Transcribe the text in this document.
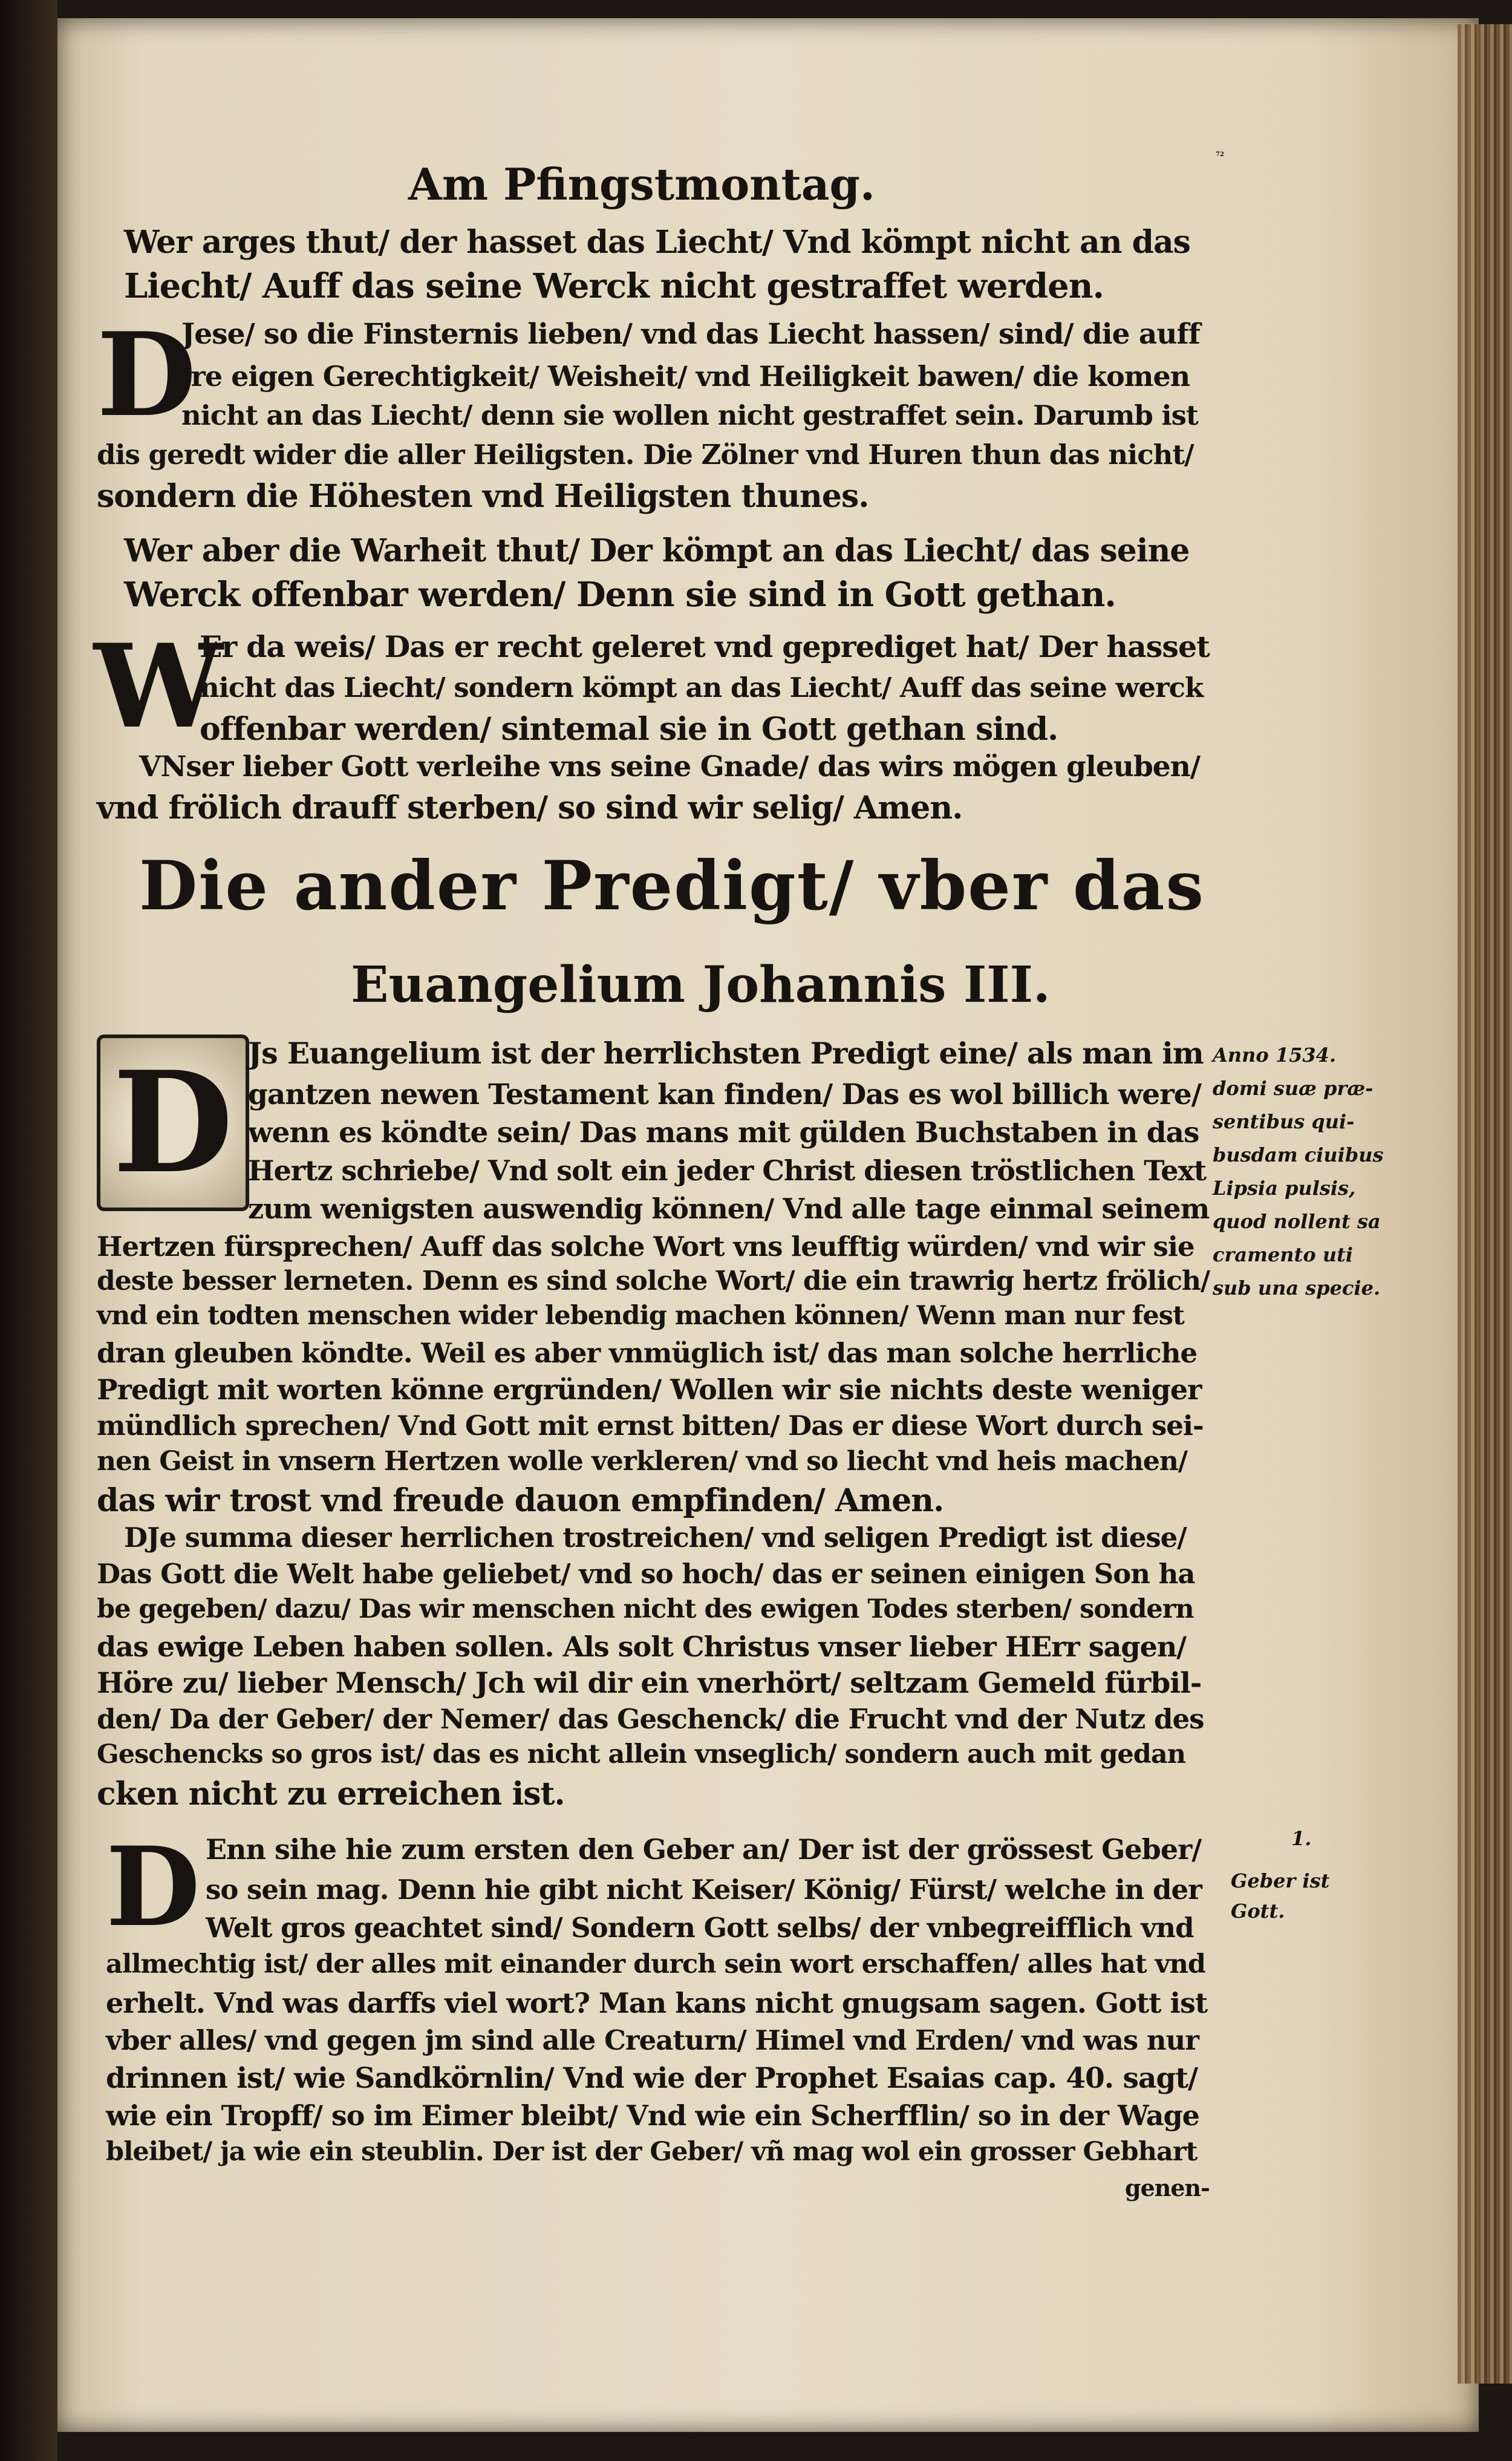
Am Pfingstmontag.
72
Wer arges thut/ der hasset das Liecht/ Vnd kömpt nicht an das
Liecht/ Auff das seine Werck nicht gestraffet werden.
D
Jese/ so die Finsternis lieben/ vnd das Liecht hassen/ sind/ die auff
jre eigen Gerechtigkeit/ Weisheit/ vnd Heiligkeit bawen/ die komen
nicht an das Liecht/ denn sie wollen nicht gestraffet sein. Darumb ist
dis geredt wider die aller Heiligsten. Die Zölner vnd Huren thun das nicht/
sondern die Höhesten vnd Heiligsten thunes.
Wer aber die Warheit thut/ Der kömpt an das Liecht/ das seine
Werck offenbar werden/ Denn sie sind in Gott gethan.
W
Er da weis/ Das er recht geleret vnd geprediget hat/ Der hasset
nicht das Liecht/ sondern kömpt an das Liecht/ Auff das seine werck
offenbar werden/ sintemal sie in Gott gethan sind.
VNser lieber Gott verleihe vns seine Gnade/ das wirs mögen gleuben/
vnd frölich drauff sterben/ so sind wir selig/ Amen.
Die ander Predigt/ vber das
Euangelium Johannis III.
D Js Euangelium ist der herrlichsten Predigt eine/ als man im
gantzen newen Testament kan finden/ Das es wol billich were/
wenn es köndte sein/ Das mans mit gülden Buchstaben in das
Hertz schriebe/ Vnd solt ein jeder Christ diesen tröstlichen Text
zum wenigsten auswendig können/ Vnd alle tage einmal seinem
Hertzen fürsprechen/ Auff das solche Wort vns leufftig würden/ vnd wir sie
deste besser lerneten. Denn es sind solche Wort/ die ein trawrig hertz frölich/
vnd ein todten menschen wider lebendig machen können/ Wenn man nur fest
dran gleuben köndte. Weil es aber vnmüglich ist/ das man solche herrliche
Predigt mit worten könne ergründen/ Wollen wir sie nichts deste weniger
mündlich sprechen/ Vnd Gott mit ernst bitten/ Das er diese Wort durch sei-
nen Geist in vnsern Hertzen wolle verkleren/ vnd so liecht vnd heis machen/
das wir trost vnd freude dauon empfinden/ Amen.
Anno 1534.
domi suæ præ-
sentibus qui-
busdam ciuibus
Lipsia pulsis,
quod nollent sa
cramento uti
sub una specie.
DJe summa dieser herrlichen trostreichen/ vnd seligen Predigt ist diese/
Das Gott die Welt habe geliebet/ vnd so hoch/ das er seinen einigen Son ha
be gegeben/ dazu/ Das wir menschen nicht des ewigen Todes sterben/ sondern
das ewige Leben haben sollen. Als solt Christus vnser lieber HErr sagen/
Höre zu/ lieber Mensch/ Jch wil dir ein vnerhört/ seltzam Gemeld fürbil-
den/ Da der Geber/ der Nemer/ das Geschenck/ die Frucht vnd der Nutz des
Geschencks so gros ist/ das es nicht allein vnseglich/ sondern auch mit gedan
cken nicht zu erreichen ist.
D Enn sihe hie zum ersten den Geber an/ Der ist der grössest Geber/
so sein mag. Denn hie gibt nicht Keiser/ König/ Fürst/ welche in der
Welt gros geachtet sind/ Sondern Gott selbs/ der vnbegreifflich vnd
allmechtig ist/ der alles mit einander durch sein wort erschaffen/ alles hat vnd
erhelt. Vnd was darffs viel wort? Man kans nicht gnugsam sagen. Gott ist
vber alles/ vnd gegen jm sind alle Creaturn/ Himel vnd Erden/ vnd was nur
drinnen ist/ wie Sandkörnlin/ Vnd wie der Prophet Esaias cap. 40. sagt/
wie ein Tropff/ so im Eimer bleibt/ Vnd wie ein Scherfflin/ so in der Wage
bleibet/ ja wie ein steublin. Der ist der Geber/ vñ mag wol ein grosser Gebhart
genen-
1.
Geber ist
Gott.
